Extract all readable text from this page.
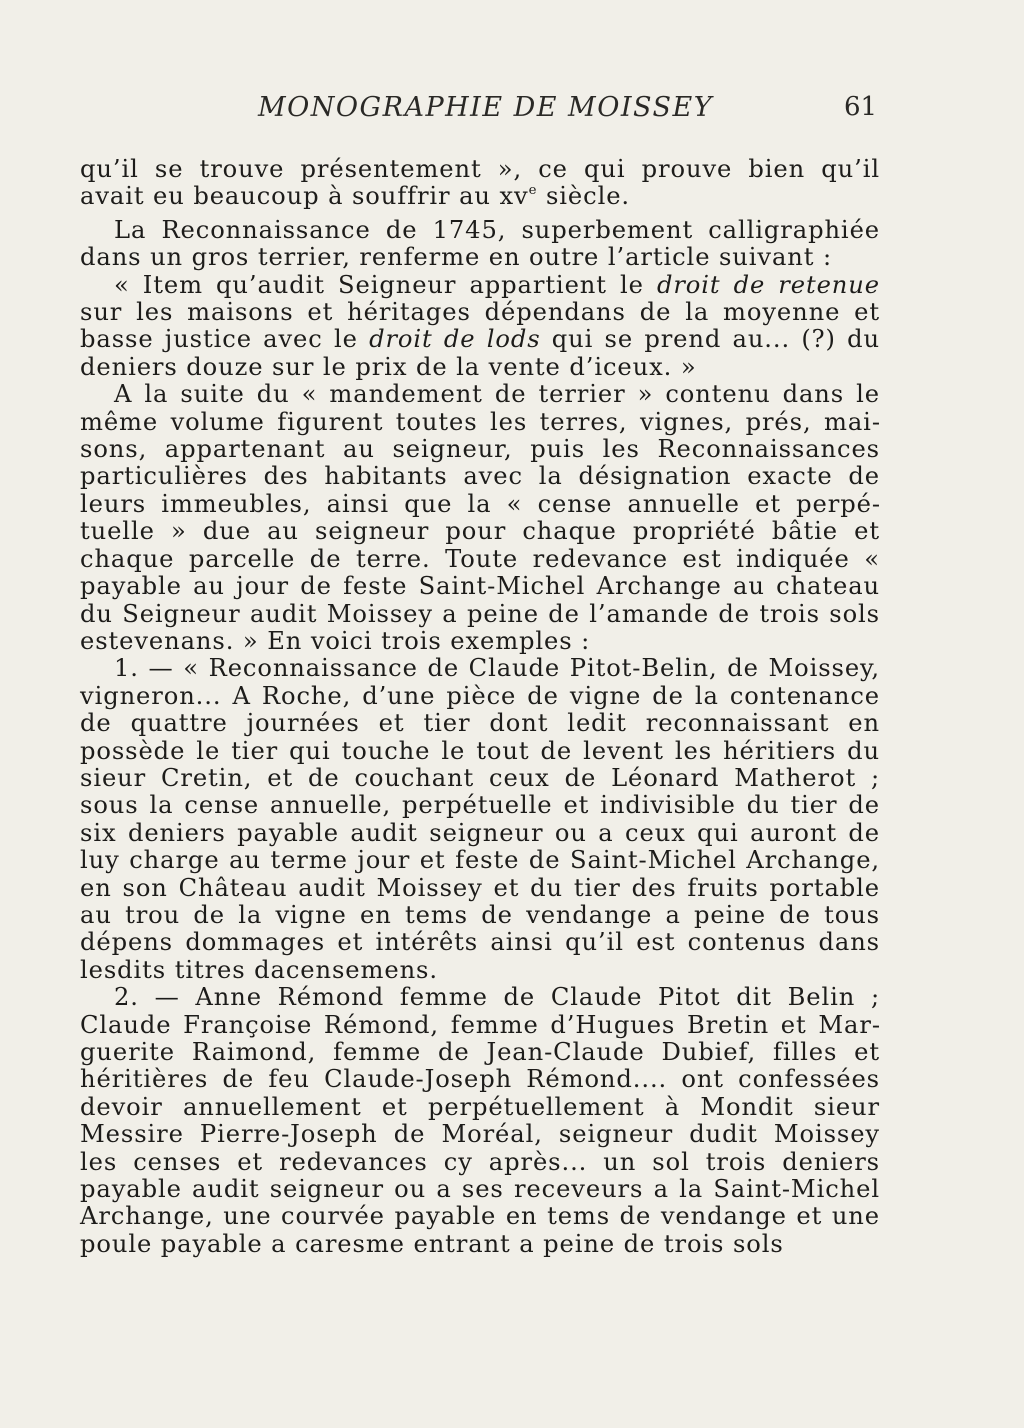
MONOGRAPHIE DE MOISSEY	61

qu’il se trouve présentement », ce qui prouve bien qu’il avait eu beaucoup à souffrir au $xv^e$ siècle.

La Reconnaissance de 1745, superbement calligraphiée dans un gros terrier, renferme en outre l’article suivant :

« Item qu’audit Seigneur appartient le droit de retenue sur les maisons et héritages dépendans de la moyenne et basse justice avec le droit de lods qui se prend au... (?) du deniers douze sur le prix de la vente d’iceux. »

A la suite du « mandement de terrier » contenu dans le même volume figurent toutes les terres, vignes, prés, maisons, appartenant au seigneur, puis les Reconnaissances particulières des habitants avec la désignation exacte de leurs immeubles, ainsi que la « cense annuelle et perpétuelle » due au seigneur pour chaque propriété bâtie et chaque parcelle de terre. Toute redevance est indiquée « payable au jour de feste Saint-Michel Archange au chateau du Seigneur audit Moissey a peine de l’amande de trois sols estevenans. » En voici trois exemples :

1. — « Reconnaissance de Claude Pitot-Belin, de Moissey, vigneron... A Roche, d’une pièce de vigne de la contenance de quattre journées et tier dont ledit reconnaissant en possède le tier qui touche le tout de levent les héritiers du sieur Cretin, et de couchant ceux de Léonard Matherot ; sous la cense annuelle, perpétuelle et indivisible du tier de six deniers payable audit seigneur ou a ceux qui auront de luy charge au terme jour et feste de Saint-Michel Archange, en son Château audit Moissey et du tier des fruits portable au trou de la vigne en tems de vendange a peine de tous dépens dommages et intérêts ainsi qu’il est contenus dans lesdits titres dacensemens.

2. — Anne Rémond femme de Claude Pitot dit Belin ; Claude Françoise Rémond, femme d’Hugues Bretin et Marguerite Raimond, femme de Jean-Claude Dubief, filles et héritières de feu Claude-Joseph Rémond.... ont confessées devoir annuellement et perpétuellement à Mondit sieur Messire Pierre-Joseph de Moréal, seigneur dudit Moissey les censes et redevances cy après... un sol trois deniers payable audit seigneur ou a ses receveurs a la Saint-Michel Archange, une courvée payable en tems de vendange et une poule payable a caresme entrant a peine de trois sols
